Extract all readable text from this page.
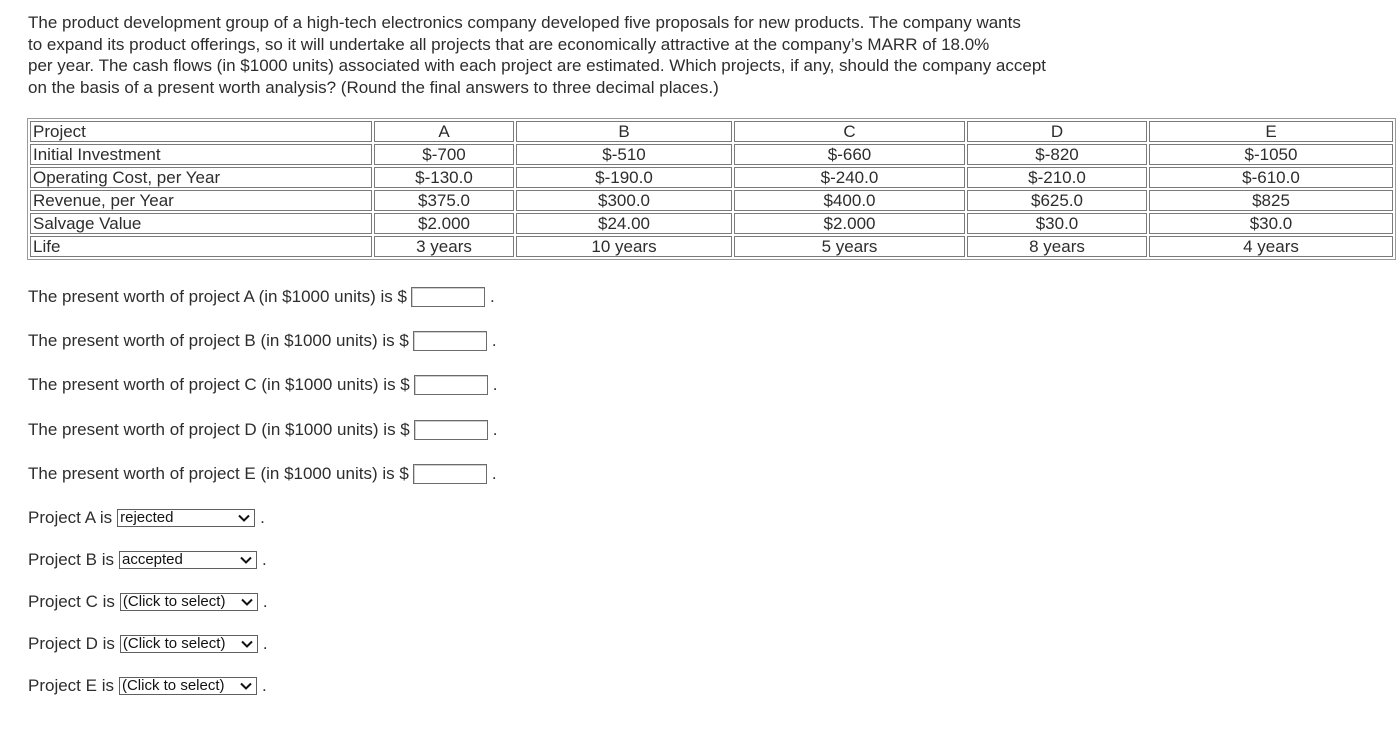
The product development group of a high-tech electronics company developed five proposals for new products. The company wants

to expand its product offerings, so it will undertake all projects that are economically attractive at the company’s MARR of 18.0%

per year. The cash flows (in $1000 units) associated with each project are estimated. Which projects, if any, should the company accept

on the basis of a present worth analysis? (Round the final answers to three decimal places.)

Project	A	B	C	D	E
Initial Investment	$-700	$-510	$-660	$-820	$-1050
Operating Cost, per Year	$-130.0	$-190.0	$-240.0	$-210.0	$-610.0
Revenue, per Year	$375.0	$300.0	$400.0	$625.0	$825
Salvage Value	$2.000	$24.00	$2.000	$30.0	$30.0
Life	3 years	10 years	5 years	8 years	4 years
The present worth of project A (in $1000 units) is $	.
The present worth of project B (in $1000 units) is $	.
The present worth of project C (in $1000 units) is $	.
The present worth of project D (in $1000 units) is $	.
The present worth of project E (in $1000 units) is $	.
Project A is rejected	.
Project B is accepted	.
Project C is (Click to select)	.
Project D is (Click to select)	.
Project E is (Click to select)	.
